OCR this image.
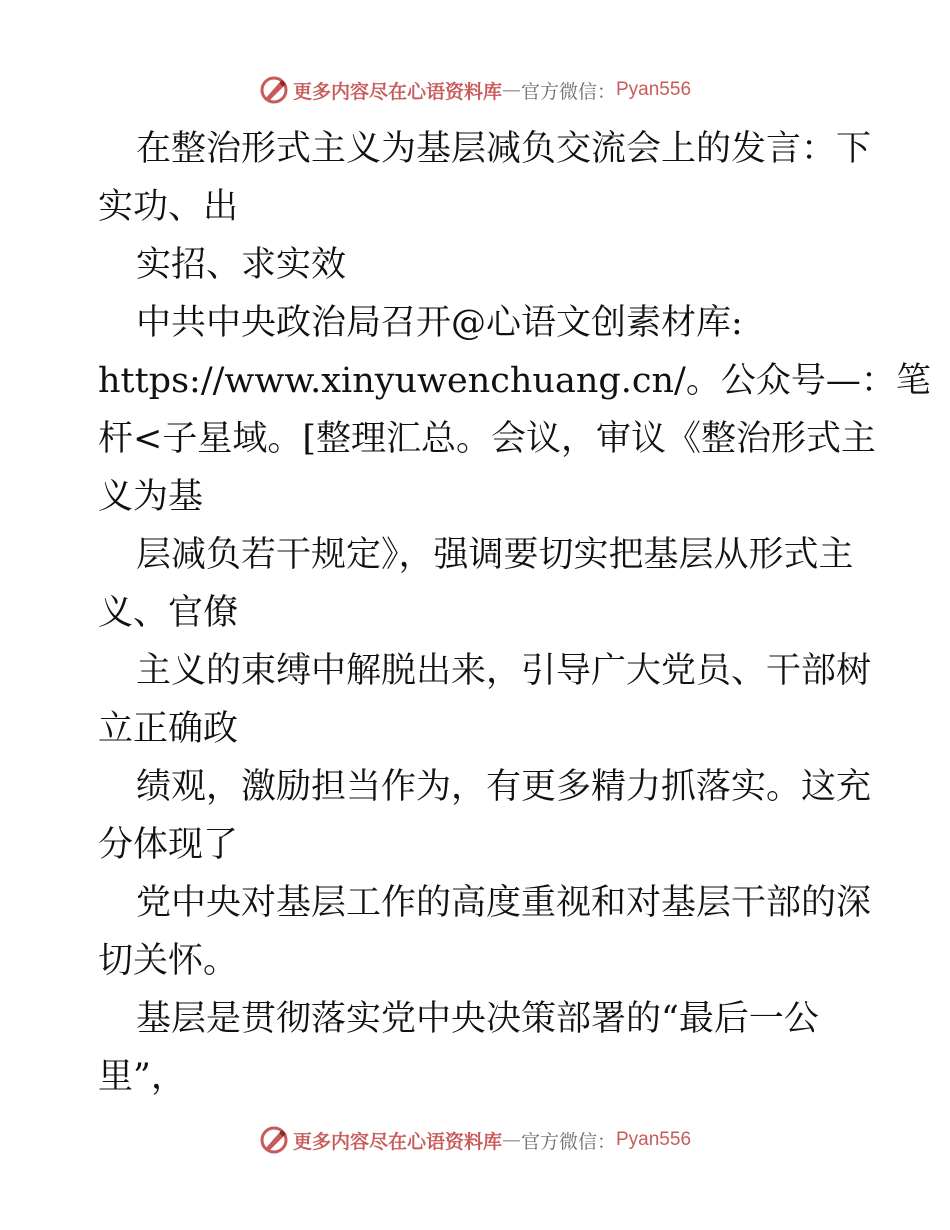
更多内容尽在心语资料库 — 官方微信： Pyan556
在整治形式主义为基层减负交流会上的发言：下
实功、出
实招、求实效
中共中央政治局召开@心语文创素材库:
https://www.xinyuwenchuang.cn/。公众号—：笔
杆<子星域。[整理汇总。会议，审议《整治形式主
义为基
层减负若干规定》，强调要切实把基层从形式主
义、官僚
主义的束缚中解脱出来，引导广大党员、干部树
立正确政
绩观，激励担当作为，有更多精力抓落实。这充
分体现了
党中央对基层工作的高度重视和对基层干部的深
切关怀。
基层是贯彻落实党中央决策部署的“最后一公
里”，
更多内容尽在心语资料库 — 官方微信： Pyan556
